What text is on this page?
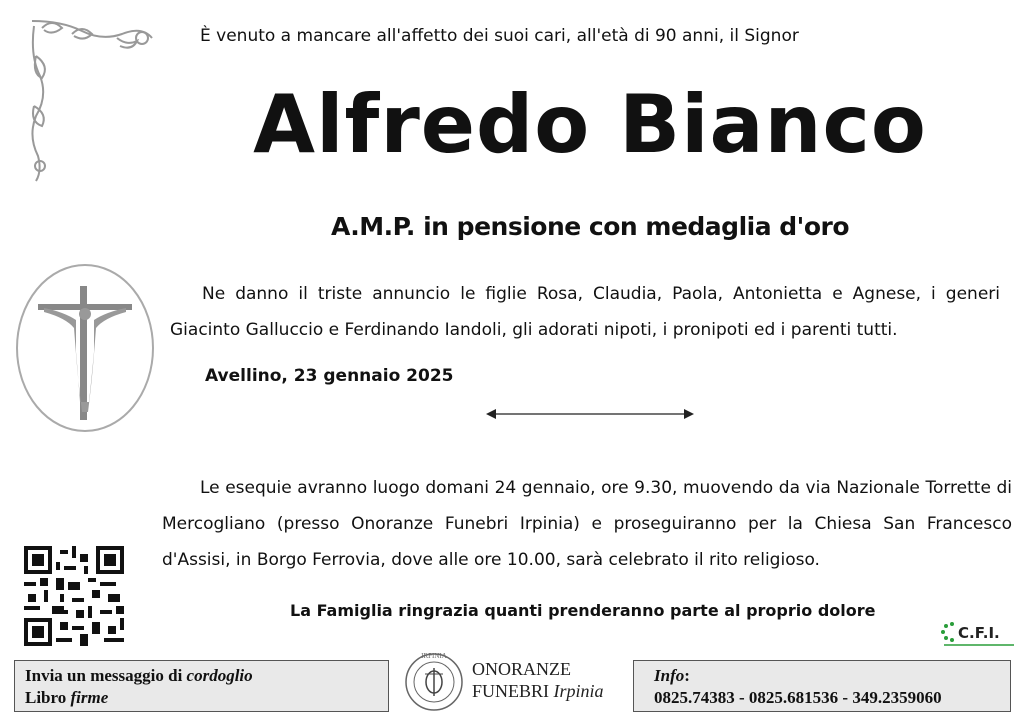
È venuto a mancare all'affetto dei suoi cari, all'età di 90 anni, il Signor
Alfredo Bianco
A.M.P. in pensione con medaglia d'oro
Ne danno il triste annuncio le figlie Rosa, Claudia, Paola, Antonietta e Agnese, i generi Giacinto Galluccio e Ferdinando Iandoli, gli adorati nipoti, i pronipoti ed i parenti tutti.
Avellino, 23 gennaio 2025
Le esequie avranno luogo domani 24 gennaio, ore 9.30, muovendo da via Nazionale Torrette di Mercogliano (presso Onoranze Funebri Irpinia) e proseguiranno per la Chiesa San Francesco d'Assisi, in Borgo Ferrovia, dove alle ore 10.00, sarà celebrato il rito religioso.
La Famiglia ringrazia quanti prenderanno parte al proprio dolore
C.F.I.
Invia un messaggio di cordoglio
Libro firme
IRPINIA
ONORANZE
FUNEBRI Irpinia
Info:
0825.74383 - 0825.681536 - 349.2359060
